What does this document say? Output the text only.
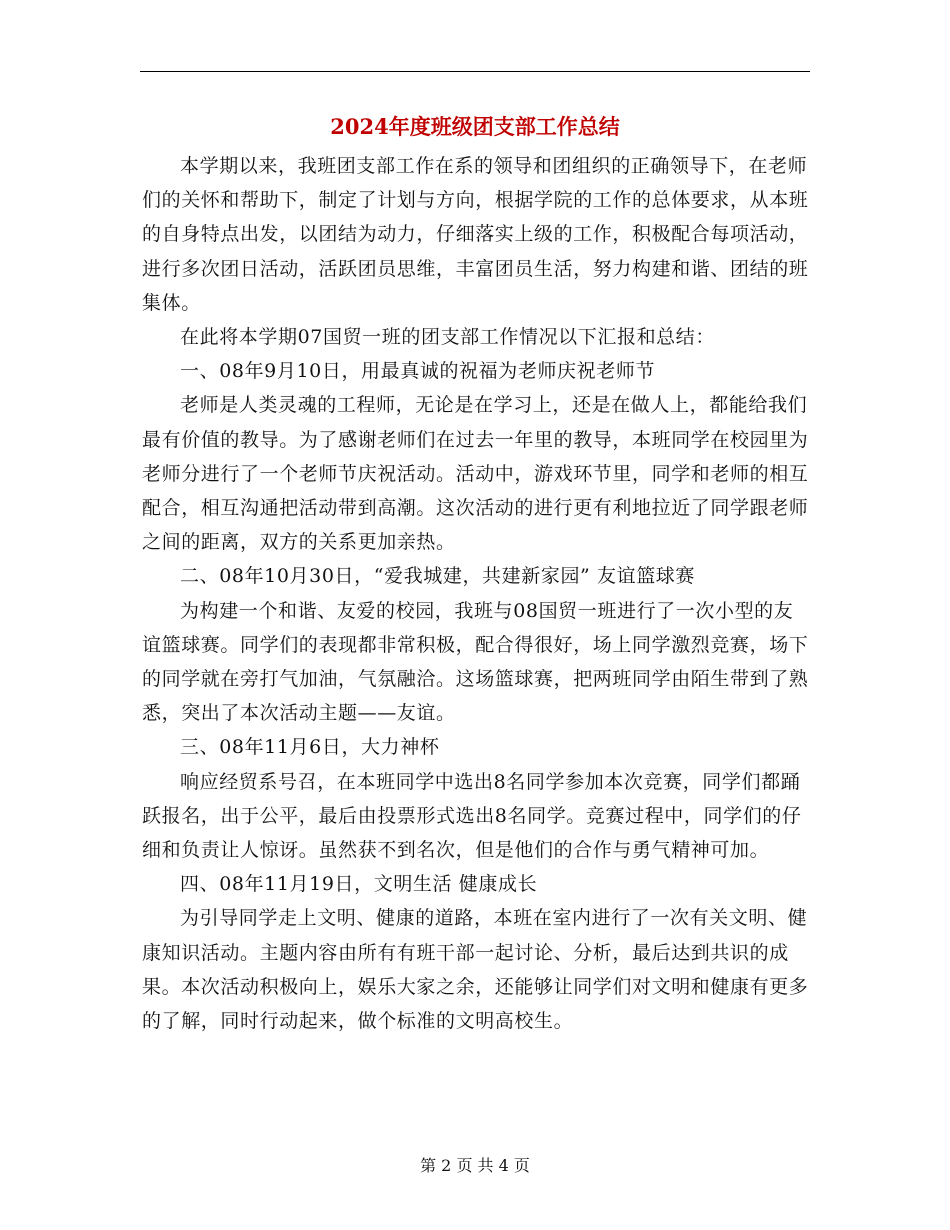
2024年度班级团支部工作总结

本学期以来，我班团支部工作在系的领导和团组织的正确领导下，在老师们的关怀和帮助下，制定了计划与方向，根据学院的工作的总体要求，从本班的自身特点出发，以团结为动力，仔细落实上级的工作，积极配合每项活动，进行多次团日活动，活跃团员思维，丰富团员生活，努力构建和谐、团结的班集体。

在此将本学期07国贸一班的团支部工作情况以下汇报和总结：

一、08年9月10日，用最真诚的祝福为老师庆祝老师节

老师是人类灵魂的工程师，无论是在学习上，还是在做人上，都能给我们最有价值的教导。为了感谢老师们在过去一年里的教导，本班同学在校园里为老师分进行了一个老师节庆祝活动。活动中，游戏环节里，同学和老师的相互配合，相互沟通把活动带到高潮。这次活动的进行更有利地拉近了同学跟老师之间的距离，双方的关系更加亲热。

二、08年10月30日，“爱我城建，共建新家园” 友谊篮球赛

为构建一个和谐、友爱的校园，我班与08国贸一班进行了一次小型的友谊篮球赛。同学们的表现都非常积极，配合得很好，场上同学激烈竞赛，场下的同学就在旁打气加油，气氛融洽。这场篮球赛，把两班同学由陌生带到了熟悉，突出了本次活动主题——友谊。

三、08年11月6日，大力神杯

响应经贸系号召，在本班同学中选出8名同学参加本次竞赛，同学们都踊跃报名，出于公平，最后由投票形式选出8名同学。竞赛过程中，同学们的仔细和负责让人惊讶。虽然获不到名次，但是他们的合作与勇气精神可加。

四、08年11月19日，文明生活 健康成长

为引导同学走上文明、健康的道路，本班在室内进行了一次有关文明、健康知识活动。主题内容由所有有班干部一起讨论、分析，最后达到共识的成果。本次活动积极向上，娱乐大家之余，还能够让同学们对文明和健康有更多的了解，同时行动起来，做个标准的文明高校生。

第 2 页 共 4 页
